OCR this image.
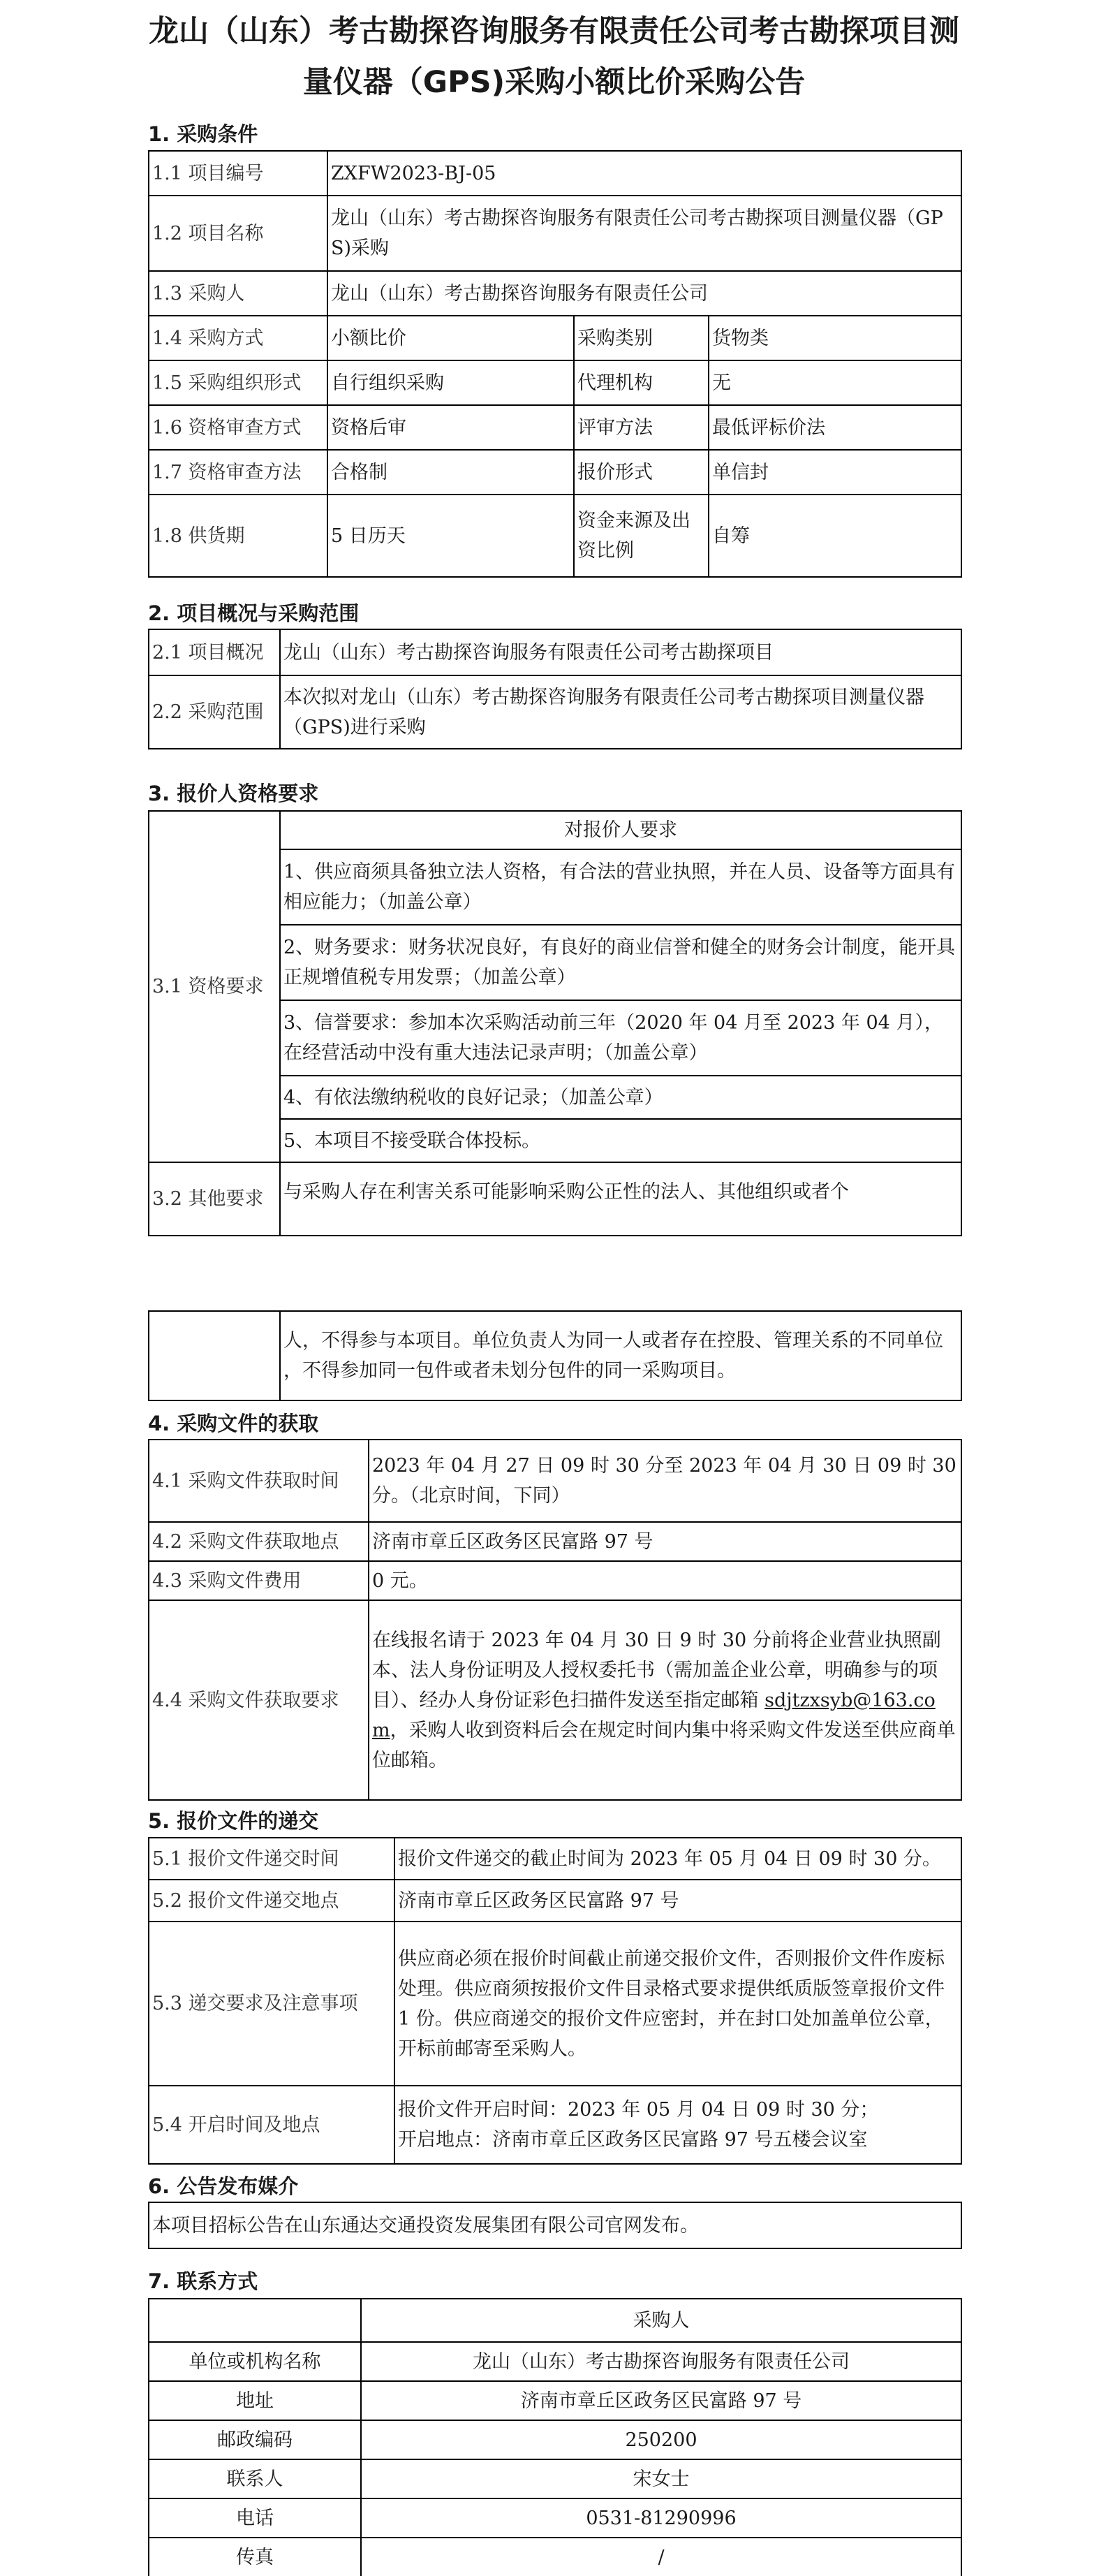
龙山（山东）考古勘探咨询服务有限责任公司考古勘探项目测
量仪器（GPS)采购小额比价采购公告
1. 采购条件
1.1 项目编号	ZXFW2023-BJ-05		
1.2 项目名称	龙山（山东）考古勘探咨询服务有限责任公司考古勘探项目测量仪器（GPS)采购		
1.3 采购人	龙山（山东）考古勘探咨询服务有限责任公司		
1.4 采购方式	小额比价	采购类别	货物类
1.5 采购组织形式	自行组织采购	代理机构	无
1.6 资格审查方式	资格后审	评审方法	最低评标价法
1.7 资格审查方法	合格制	报价形式	单信封
1.8 供货期	5 日历天	资金来源及出资比例	自筹
2. 项目概况与采购范围
2.1 项目概况	龙山（山东）考古勘探咨询服务有限责任公司考古勘探项目
2.2 采购范围	本次拟对龙山（山东）考古勘探咨询服务有限责任公司考古勘探项目测量仪器（GPS)进行采购
3. 报价人资格要求
3.1 资格要求	对报价人要求
	1、供应商须具备独立法人资格，有合法的营业执照，并在人员、设备等方面具有相应能力；（加盖公章）
	2、财务要求：财务状况良好，有良好的商业信誉和健全的财务会计制度，能开具正规增值税专用发票；（加盖公章）
	3、信誉要求：参加本次采购活动前三年（2020 年 04 月至 2023 年 04 月），在经营活动中没有重大违法记录声明；（加盖公章）
	4、有依法缴纳税收的良好记录；（加盖公章）
	5、本项目不接受联合体投标。
3.2 其他要求	与采购人存在利害关系可能影响采购公正性的法人、其他组织或者个
	人，不得参与本项目。单位负责人为同一人或者存在控股、管理关系的不同单位 ，不得参加同一包件或者未划分包件的同一采购项目。
4. 采购文件的获取
4.1 采购文件获取时间	2023 年 04 月 27 日 09 时 30 分至 2023 年 04 月 30 日 09 时 30 分。（北京时间，下同）
4.2 采购文件获取地点	济南市章丘区政务区民富路 97 号
4.3 采购文件费用	0 元。
4.4 采购文件获取要求	在线报名请于 2023 年 04 月 30 日 9 时 30 分前将企业营业执照副本、法人身份证明及人授权委托书（需加盖企业公章，明确参与的项目）、经办人身份证彩色扫描件发送至指定邮箱 sdjtzxsyb@163.com，采购人收到资料后会在规定时间内集中将采购文件发送至供应商单位邮箱。
5. 报价文件的递交
5.1 报价文件递交时间	报价文件递交的截止时间为 2023 年 05 月 04 日 09 时 30 分。
5.2 报价文件递交地点	济南市章丘区政务区民富路 97 号
5.3 递交要求及注意事项	供应商必须在报价时间截止前递交报价文件，否则报价文件作废标处理。供应商须按报价文件目录格式要求提供纸质版签章报价文件 1 份。供应商递交的报价文件应密封，并在封口处加盖单位公章，开标前邮寄至采购人。
5.4 开启时间及地点	报价文件开启时间：2023 年 05 月 04 日 09 时 30 分；
开启地点：济南市章丘区政务区民富路 97 号五楼会议室
6. 公告发布媒介
本项目招标公告在山东通达交通投资发展集团有限公司官网发布。
7. 联系方式
	采购人
单位或机构名称	龙山（山东）考古勘探咨询服务有限责任公司
地址	济南市章丘区政务区民富路 97 号
邮政编码	250200
联系人	宋女士
电话	0531-81290996
传真	/
